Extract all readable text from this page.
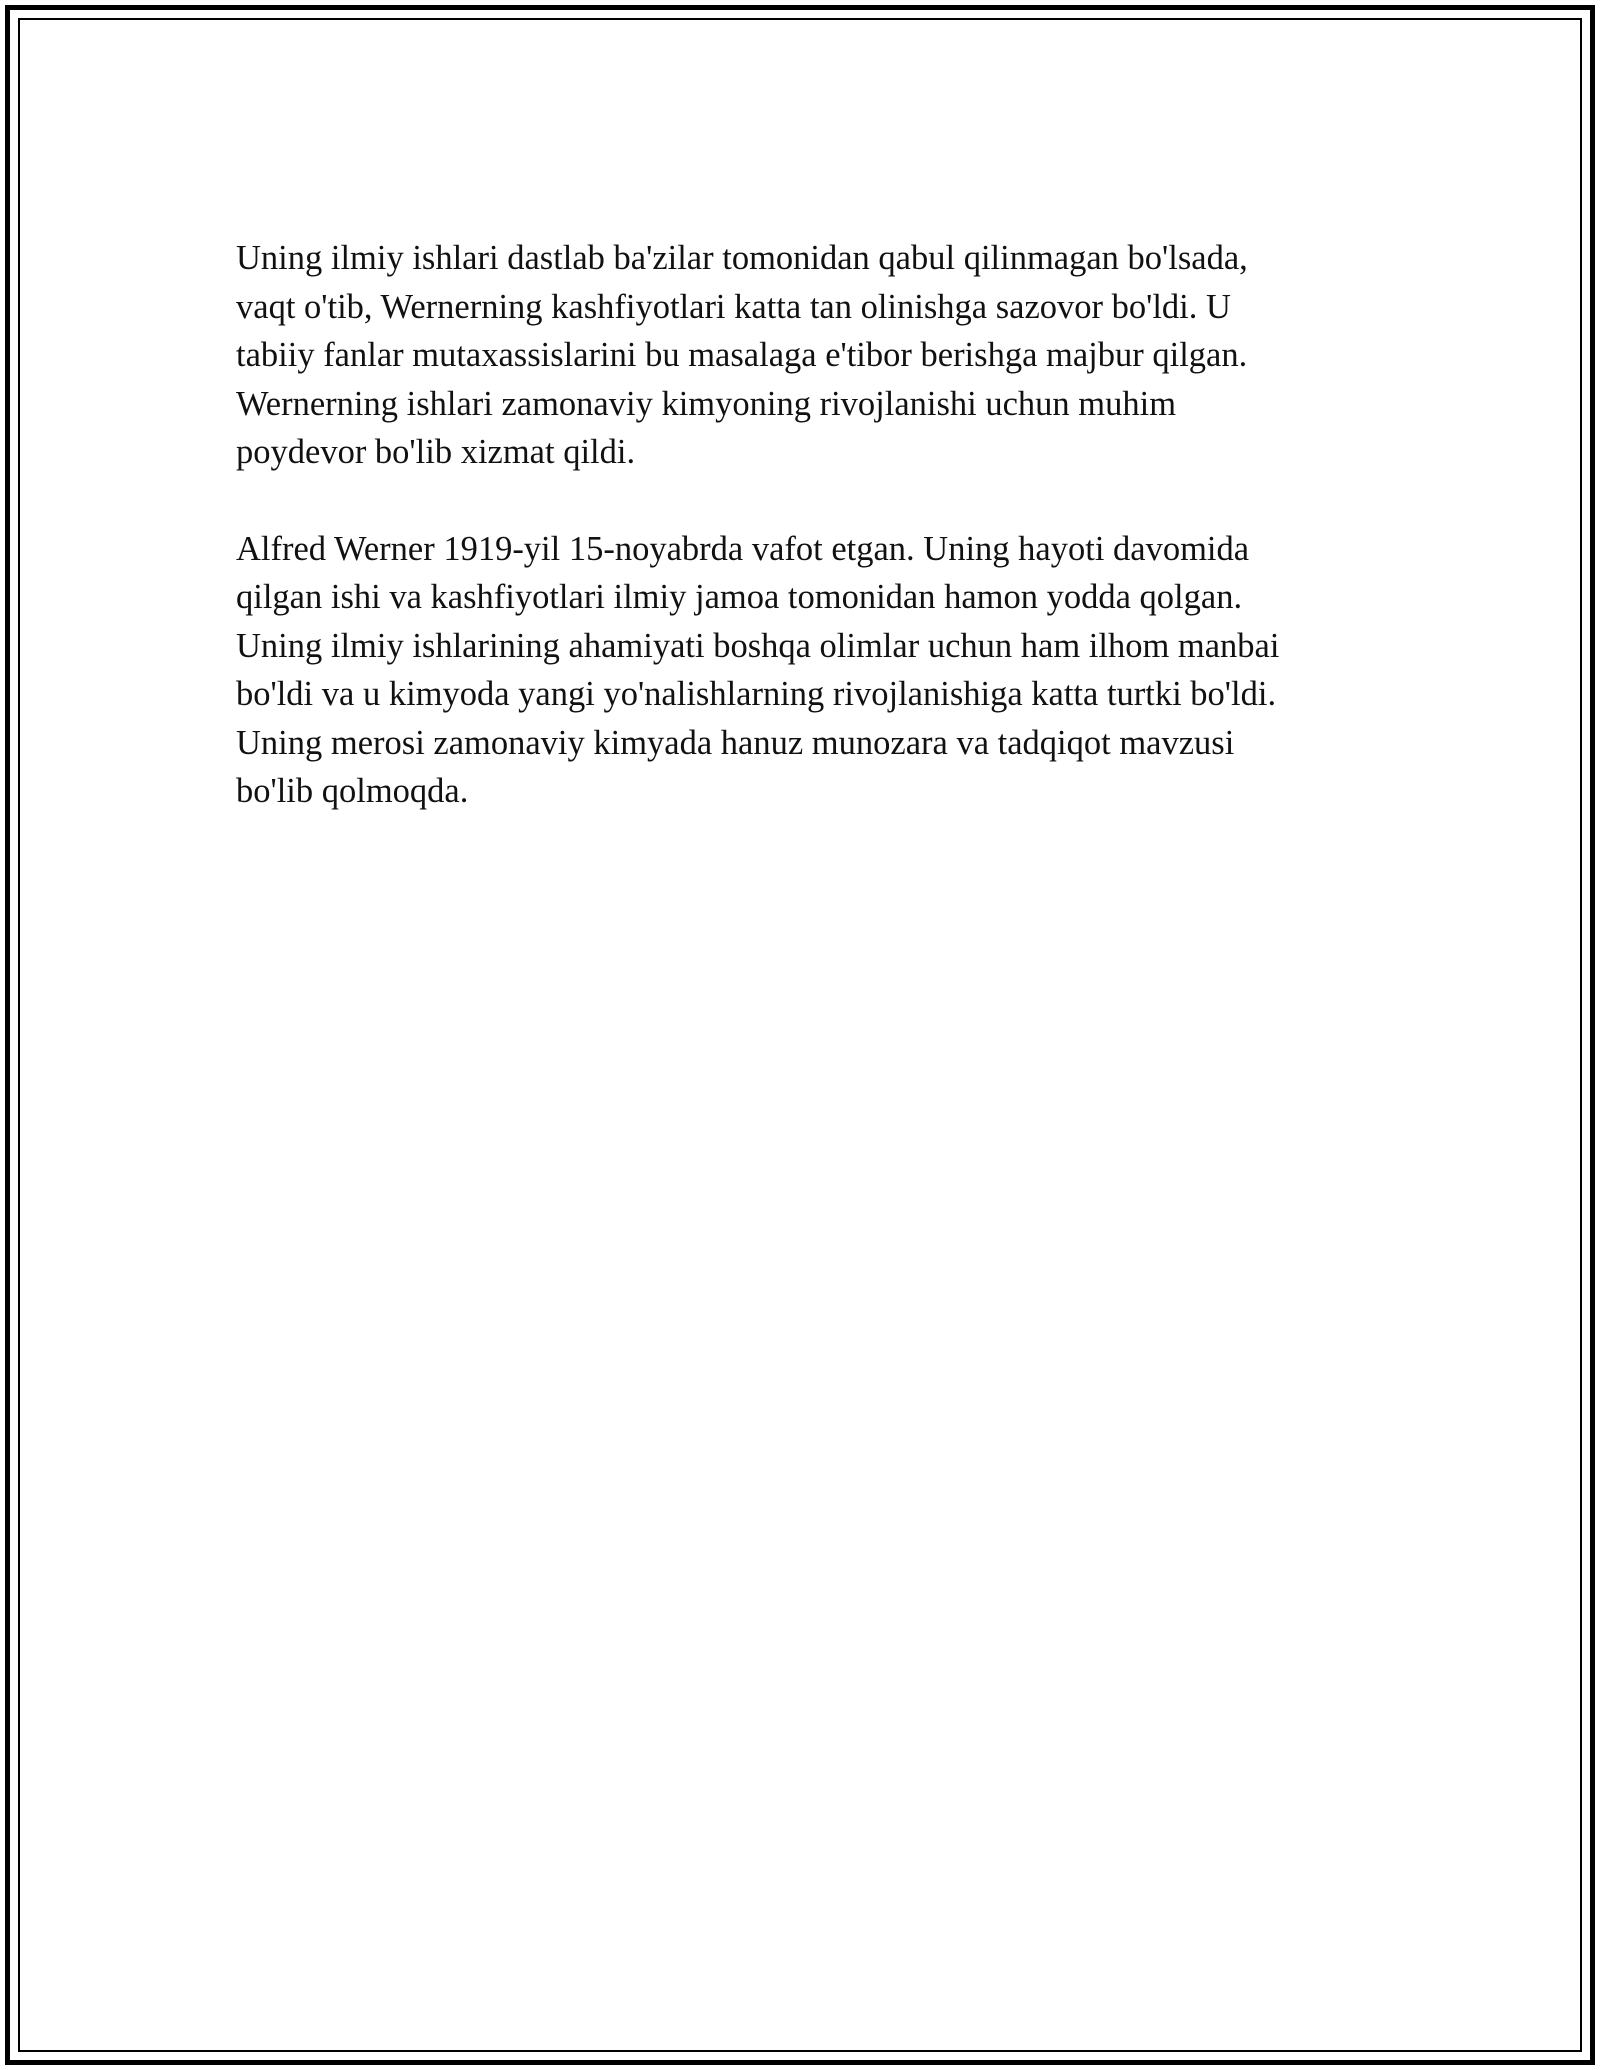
Uning ilmiy ishlari dastlab ba'zilar tomonidan qabul qilinmagan bo'lsada,
vaqt o'tib, Wernerning kashfiyotlari katta tan olinishga sazovor bo'ldi. U
tabiiy fanlar mutaxassislarini bu masalaga e'tibor berishga majbur qilgan.
Wernerning ishlari zamonaviy kimyoning rivojlanishi uchun muhim
poydevor bo'lib xizmat qildi.

Alfred Werner 1919-yil 15-noyabrda vafot etgan. Uning hayoti davomida
qilgan ishi va kashfiyotlari ilmiy jamoa tomonidan hamon yodda qolgan.
Uning ilmiy ishlarining ahamiyati boshqa olimlar uchun ham ilhom manbai
bo'ldi va u kimyoda yangi yo'nalishlarning rivojlanishiga katta turtki bo'ldi.
Uning merosi zamonaviy kimyada hanuz munozara va tadqiqot mavzusi
bo'lib qolmoqda.
